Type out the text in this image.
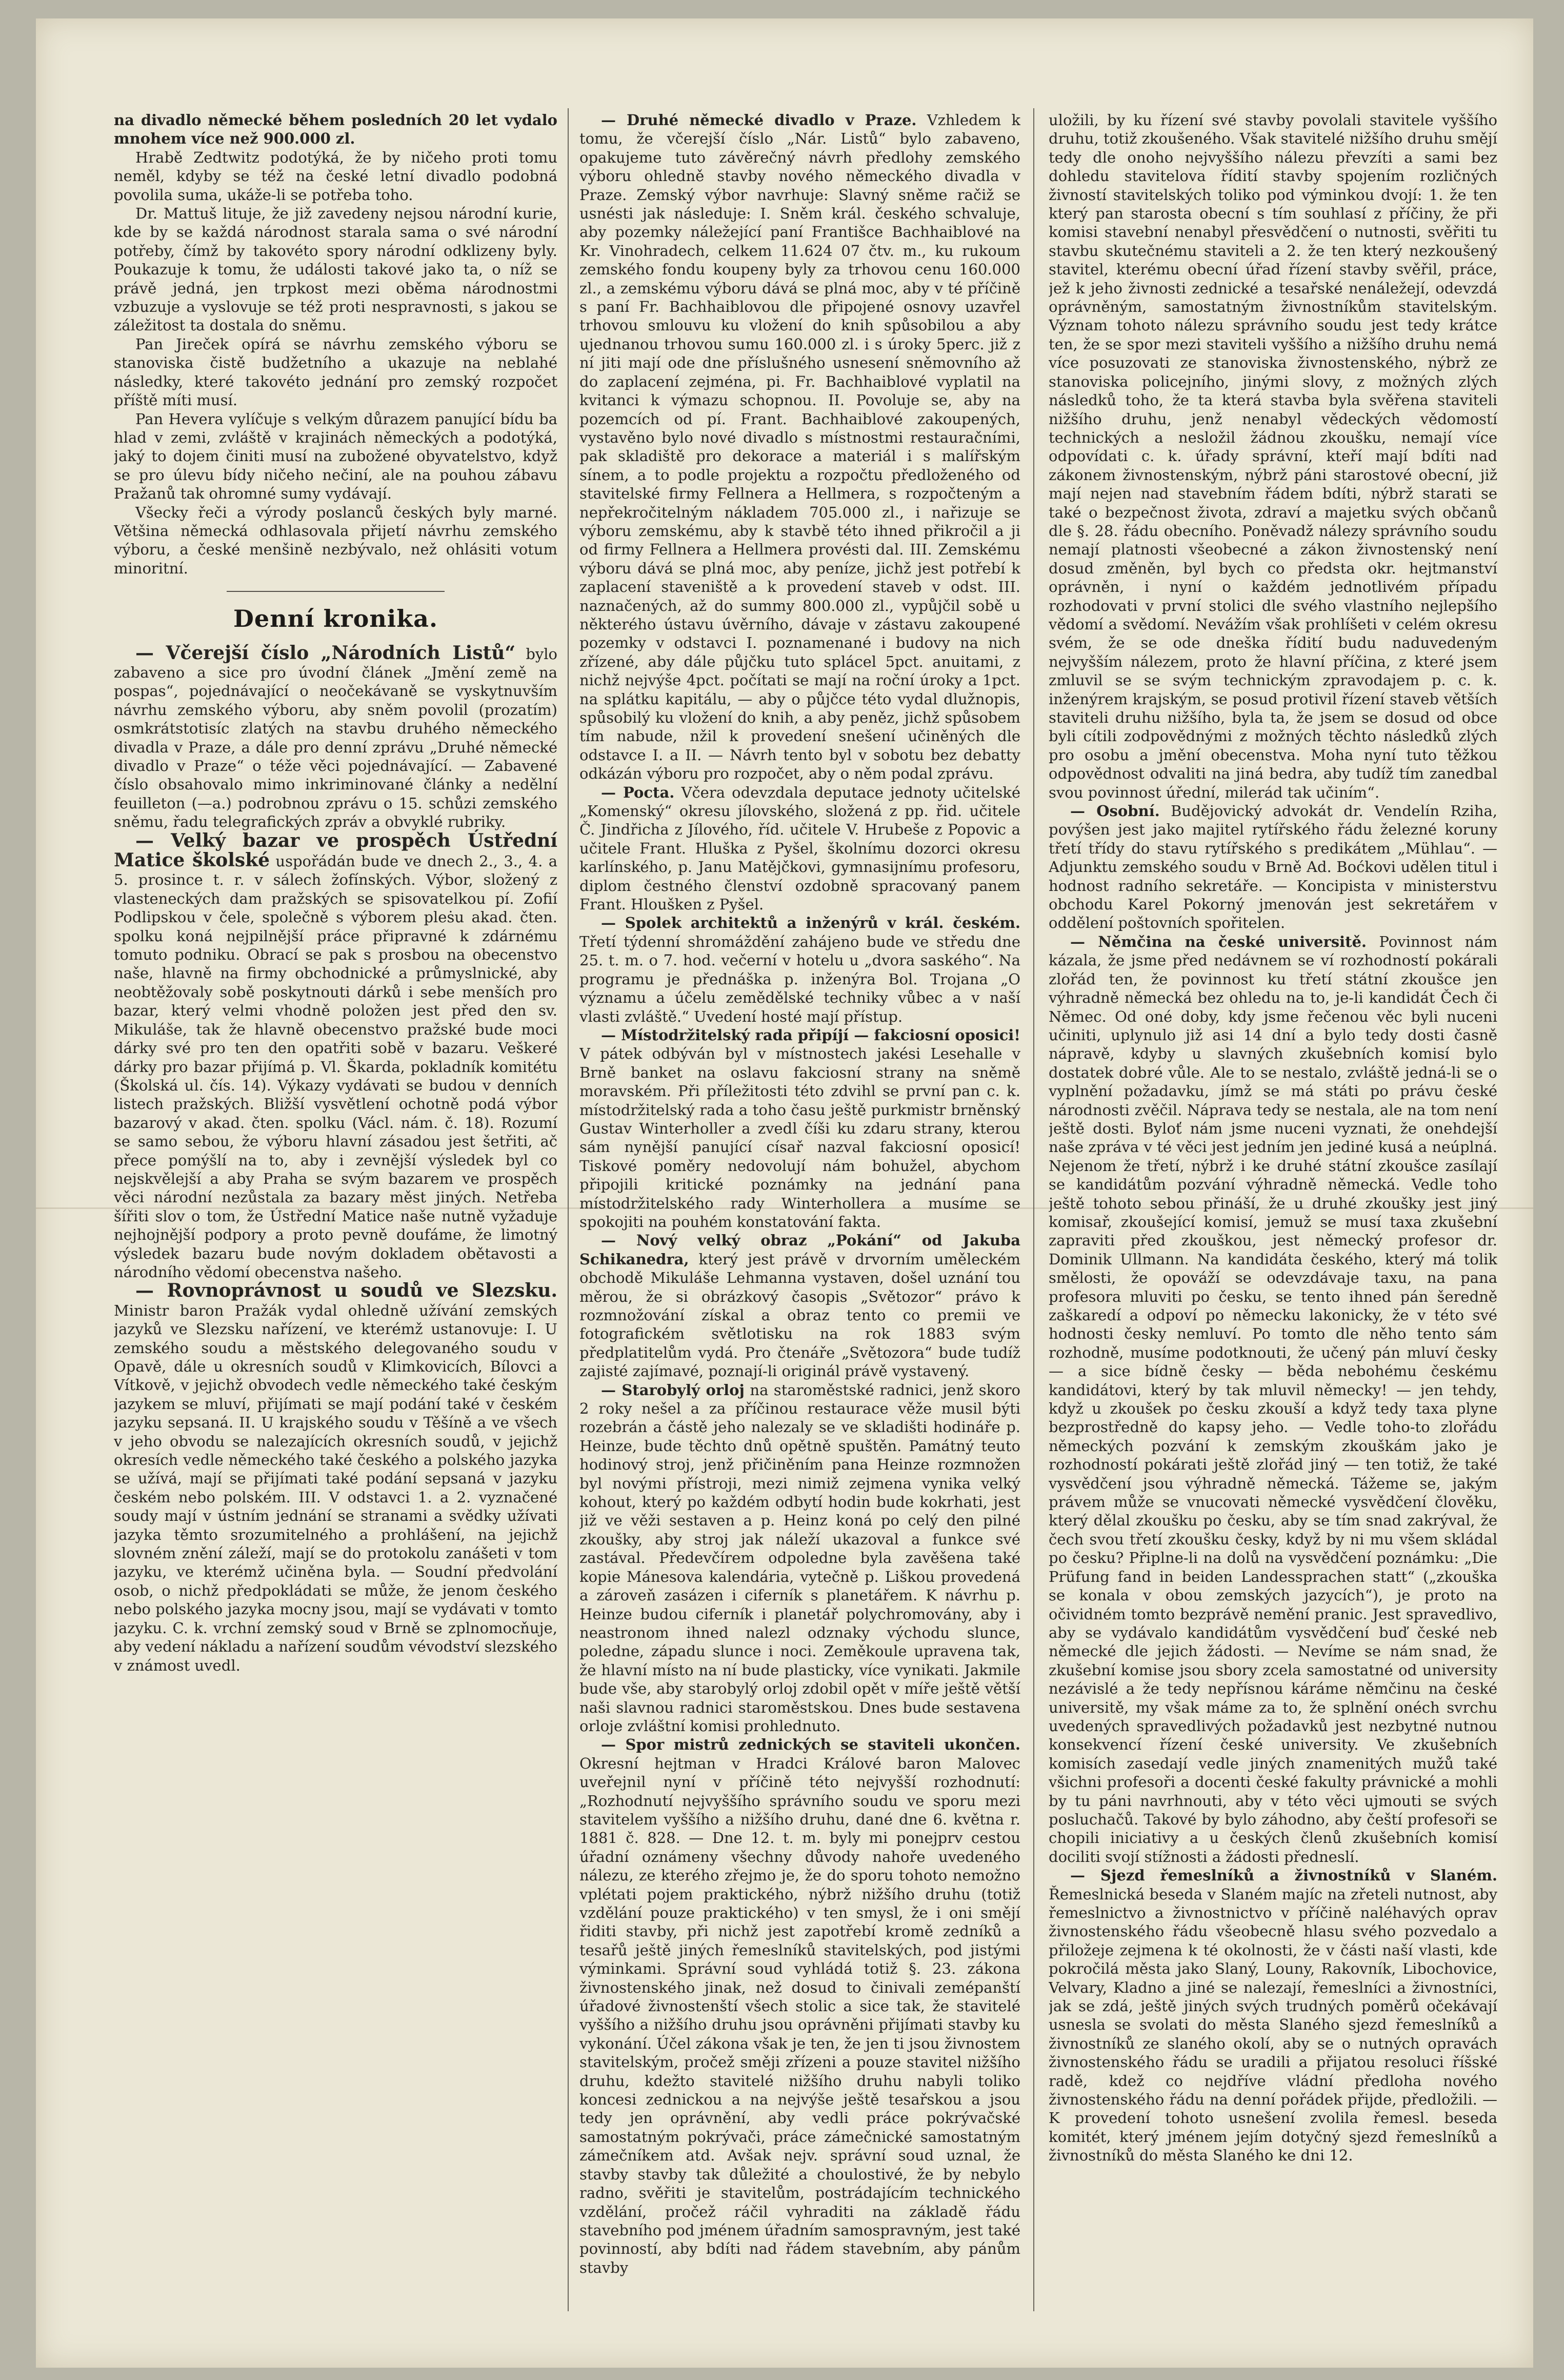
na divadlo německé během posledních 20 let vydalo mnohem více než 900.000 zl.

Hrabě Zedtwitz podotýká, že by ničeho proti tomu neměl, kdyby se též na české letní divadlo podobná povolila suma, ukáže-li se potřeba toho.

Dr. Mattuš lituje, že již zavedeny nejsou národní kurie, kde by se každá národnost starala sama o své národní potřeby, čímž by takovéto spory národní odklizeny byly. Poukazuje k tomu, že události takové jako ta, o níž se právě jedná, jen trpkost mezi oběma národnostmi vzbuzuje a vyslovuje se též proti nespravnosti, s jakou se záležitost ta dostala do sněmu.

Pan Jireček opírá se návrhu zemského výboru se stanoviska čistě budžetního a ukazuje na neblahé následky, které takovéto jednání pro zemský rozpočet příště míti musí.

Pan Hevera vylíčuje s velkým důrazem panující bídu ba hlad v zemi, zvláště v krajinách německých a podotýká, jaký to dojem činiti musí na zubožené obyvatelstvo, když se pro úlevu bídy ničeho nečiní, ale na pouhou zábavu Pražanů tak ohromné sumy vydávají.

Všecky řeči a výrody poslanců českých byly marné. Většina německá odhlasovala přijetí návrhu zemského výboru, a české menšině nezbývalo, než ohlásiti votum minoritní.

Denní kronika.

— Včerejší číslo „Národních Listů“ bylo zabaveno a sice pro úvodní článek „Jmění země na pospas“, pojednávající o neočekávaně se vyskytnuvším návrhu zemského výboru, aby sněm povolil (prozatím) osmkrátstotisíc zlatých na stavbu druhého německého divadla v Praze, a dále pro denní zprávu „Druhé německé divadlo v Praze“ o téže věci pojednávající. — Zabavené číslo obsahovalo mimo inkriminované články a nedělní feuilleton (—a.) podrobnou zprávu o 15. schůzi zemského sněmu, řadu telegrafických zpráv a obvyklé rubriky.

— Velký bazar ve prospěch Ústřední Matice školské uspořádán bude ve dnech 2., 3., 4. a 5. prosince t. r. v sálech žofínských. Výbor, složený z vlasteneckých dam pražských se spisovatelkou pí. Zofií Podlipskou v čele, společně s výborem pleṡu akad. čten. spolku koná nejpilnější práce připravné k zdárnému tomuto podniku. Obrací se pak s prosbou na obecenstvo naše, hlavně na firmy obchodnické a průmyslnické, aby neobtěžovaly sobě poskytnouti dárků i sebe menších pro bazar, který velmi vhodně položen jest před den sv. Mikuláše, tak že hlavně obecenstvo pražské bude moci dárky své pro ten den opatřiti sobě v bazaru. Veškeré dárky pro bazar přijímá p. Vl. Škarda, pokladník komitétu (Školská ul. čís. 14). Výkazy vydávati se budou v denních listech pražských. Bližší vysvětlení ochotně podá výbor bazarový v akad. čten. spolku (Václ. nám. č. 18). Rozumí se samo sebou, že výboru hlavní zásadou jest šetřiti, ač přece pomýšlí na to, aby i zevnější výsledek byl co nejskvělejší a aby Praha se svým bazarem ve prospěch věci národní nezůstala za bazary měst jiných. Netřeba šířiti slov o tom, že Ústřední Matice naše nutně vyžaduje nejhojnější podpory a proto pevně doufáme, že limotný výsledek bazaru bude novým dokladem obětavosti a národního vědomí obecenstva našeho.

— Rovnoprávnost u soudů ve Slezsku. Ministr baron Pražák vydal ohledně užívání zemských jazyků ve Slezsku nařízení, ve kterémž ustanovuje: I. U zemského soudu a městského delegovaného soudu v Opavě, dále u okresních soudů v Klimkovicích, Bílovci a Vítkově, v jejichž obvodech vedle německého také českým jazykem se mluví, přijímati se mají podání také v českém jazyku sepsaná. II. U krajského soudu v Těšíně a ve všech v jeho obvodu se nalezajících okresních soudů, v jejichž okresích vedle německého také českého a polského jazyka se užívá, mají se přijímati také podání sepsaná v jazyku českém nebo polském. III. V odstavci 1. a 2. vyznačené soudy mají v ústním jednání se stranami a svědky užívati jazyka těmto srozumitelného a prohlášení, na jejichž slovném znění záleží, mají se do protokolu zanášeti v tom jazyku, ve kterémž učiněna byla. — Soudní předvolání osob, o nichž předpokládati se může, že jenom českého nebo polského jazyka mocny jsou, mají se vydávati v tomto jazyku. C. k. vrchní zemský soud v Brně se zplnomocňuje, aby vedení nákladu a nařízení soudům vévodství slezského v známost uvedl.

— Druhé německé divadlo v Praze. Vzhledem k tomu, že včerejší číslo „Nár. Listů“ bylo zabaveno, opakujeme tuto závěrečný návrh předlohy zemského výboru ohledně stavby nového německého divadla v Praze. Zemský výbor navrhuje: Slavný sněme račiž se usnésti jak následuje: I. Sněm král. českého schvaluje, aby pozemky náležející paní Františce Bachhaiblové na Kr. Vinohradech, celkem 11.624 07 čtv. m., ku rukoum zemského fondu koupeny byly za trhovou cenu 160.000 zl., a zemskému výboru dává se plná moc, aby v té příčině s paní Fr. Bachhaiblovou dle připojené osnovy uzavřel trhovou smlouvu ku vložení do knih spůsobilou a aby ujednanou trhovou sumu 160.000 zl. i s úroky 5perc. již z ní jiti mají ode dne příslušného usnesení sněmovního až do zaplacení zejména, pi. Fr. Bachhaiblové vyplatil na kvitanci k výmazu schopnou. II. Povoluje se, aby na pozemcích od pí. Frant. Bachhaiblové zakoupených, vystavěno bylo nové divadlo s místnostmi restauračními, pak skladiště pro dekorace a materiál i s malířským sínem, a to podle projektu a rozpočtu předloženého od stavitelské firmy Fellnera a Hellmera, s rozpočteným a nepřekročitelným nákladem 705.000 zl., i nařizuje se výboru zemskému, aby k stavbě této ihned přikročil a ji od firmy Fellnera a Hellmera provésti dal. III. Zemskému výboru dává se plná moc, aby peníze, jichž jest potřebí k zaplacení staveniště a k provedení staveb v odst. III. naznačených, až do summy 800.000 zl., vypůjčil sobě u některého ústavu úvěrního, dávaje v zástavu zakoupené pozemky v odstavci I. poznamenané i budovy na nich zřízené, aby dále půjčku tuto splácel 5pct. anuitami, z nichž nejvýše 4pct. počítati se mají na roční úroky a 1pct. na splátku kapitálu, — aby o půjčce této vydal dlužnopis, spůsobilý ku vložení do knih, a aby peněz, jichž spůsobem tím nabude, nžil k provedení snešení učiněných dle odstavce I. a II. — Návrh tento byl v sobotu bez debatty odkázán výboru pro rozpočet, aby o něm podal zprávu.

— Pocta. Včera odevzdala deputace jednoty učitelské „Komenský“ okresu jílovského, složená z pp. řid. učitele Č. Jindřicha z Jílového, říd. učitele V. Hrubeše z Popovic a učitele Frant. Hluška z Pyšel, školnímu dozorci okresu karlínského, p. Janu Matějčkovi, gymnasijnímu profesoru, diplom čestného členství ozdobně spracovaný panem Frant. Hloušken z Pyšel.

— Spolek architektů a inženýrů v král. českém. Třetí týdenní shromáždění zahájeno bude ve středu dne 25. t. m. o 7. hod. večerní v hotelu u „dvora saského“. Na programu je přednáška p. inženýra Bol. Trojana „O významu a účelu zemědělské techniky vůbec a v naší vlasti zvláště.“ Uvedení hosté mají přístup.

— Místodržitelský rada připíjí — fakciosní oposici! V pátek odbýván byl v místnostech jakési Lesehalle v Brně banket na oslavu fakciosní strany na sněmě moravském. Při příležitosti této zdvihl se první pan c. k. místodržitelský rada a toho času ještě purkmistr brněnský Gustav Winterholler a zvedl číši ku zdaru strany, kterou sám nynější panující císař nazval fakciosní oposicí! Tiskové poměry nedovolují nám bohužel, abychom připojili kritické poznámky na jednání pana místodržitelského rady Winterhollera a musíme se spokojiti na pouhém konstatování fakta.

— Nový velký obraz „Pokání“ od Jakuba Schikanedra, který jest právě v drvorním uměleckém obchodě Mikuláše Lehmanna vystaven, došel uznání tou měrou, že si obrázkový časopis „Světozor“ právo k rozmnožování získal a obraz tento co premii ve fotografickém světlotisku na rok 1883 svým předplatitelům vydá. Pro čtenáře „Světozora“ bude tudíž zajisté zajímavé, poznají-li originál právě vystavený.

— Starobylý orloj na staroměstské radnici, jenž skoro 2 roky nešel a za příčinou restaurace věže musil býti rozebrán a částě jeho nalezaly se ve skladišti hodináře p. Heinze, bude těchto dnů opětně spuštěn. Památný teuto hodinový stroj, jenž přičiněním pana Heinze rozmnožen byl novými přístroji, mezi nimiž zejmena vynika velký kohout, který po každém odbytí hodin bude kokrhati, jest již ve věži sestaven a p. Heinz koná po celý den pilné zkoušky, aby stroj jak náleží ukazoval a funkce své zastával. Předevčírem odpoledne byla zavěšena také kopie Mánesova kalendária, vytečně p. Liškou provedená a zároveň zasázen i ciferník s planetářem. K návrhu p. Heinze budou ciferník i planetář polychromovány, aby i neastronom ihned nalezl odznaky východu slunce, poledne, západu slunce i noci. Zeměkoule upravena tak, že hlavní místo na ní bude plasticky, více vynikati. Jakmile bude vše, aby starobylý orloj zdobil opět v míře ještě větší naši slavnou radnici staroměstskou. Dnes bude sestavena orloje zvláštní komisi prohlednuto.

— Spor mistrů zednických se staviteli ukončen. Okresní hejtman v Hradci Králové baron Malovec uveřejnil nyní v příčině této nejvyšší rozhodnutí: „Rozhodnutí nejvyššího správního soudu ve sporu mezi stavitelem vyššího a nižšího druhu, dané dne 6. května r. 1881 č. 828. — Dne 12. t. m. byly mi ponejprv cestou úřadní oznámeny všechny důvody nahoře uvedeného nálezu, ze kterého zřejmo je, že do sporu tohoto nemožno vplétati pojem praktického, nýbrž nižšího druhu (totiž vzdělání pouze praktického) v ten smysl, že i oni smějí řiditi stavby, při nichž jest zapotřebí kromě zedníků a tesařů ještě jiných řemeslníků stavitelských, pod jistými výminkami. Správní soud vyhládá totiž §. 23. zákona živnostenského jinak, než dosud to činivali zemépanští úřadové živnostenští všech stolic a sice tak, že stavitelé vyššího a nižšího druhu jsou oprávněni přijímati stavby ku vykonání. Účel zákona však je ten, že jen ti jsou živnostem stavitelským, pročež směji zřízeni a pouze stavitel nižšího druhu, kdežto stavitelé nižšího druhu nabyli toliko koncesi zednickou a na nejvýše ještě tesařskou a jsou tedy jen oprávnění, aby vedli práce pokrývačské samostatným pokrývači, práce zámečnické samostatným zámečníkem atd. Avšak nejv. správní soud uznal, že stavby stavby tak důležité a choulostivé, že by nebylo radno, svěřiti je stavitelům, postrádajícím technického vzdělání, pročež ráčil vyhraditi na základě řádu stavebního pod jménem úřadním samospravným, jest také povinností, aby bdíti nad řádem stavebním, aby pánům stavby

uložili, by ku řízení své stavby povolali stavitele vyššího druhu, totiž zkoušeného. Však stavitelé nižšího druhu smějí tedy dle onoho nejvyššího nálezu převzíti a sami bez dohledu stavitelova řídití stavby spojením rozličných živností stavitelských toliko pod výminkou dvojí: 1. že ten který pan starosta obecní s tím souhlasí z příčiny, že při komisi stavební nenabyl přesvědčení o nutnosti, svěřiti tu stavbu skutečnému staviteli a 2. že ten který nezkoušený stavitel, kterému obecní úřad řízení stavby svěřil, práce, jež k jeho živnosti zednické a tesařské nenáležejí, odevzdá oprávněným, samostatným živnostníkům stavitelským. Význam tohoto nálezu správního soudu jest tedy krátce ten, že se spor mezi staviteli vyššího a nižšího druhu nemá více posuzovati ze stanoviska živnostenského, nýbrž ze stanoviska policejního, jinými slovy, z možných zlých následků toho, že ta která stavba byla svěřena staviteli nižšího druhu, jenž nenabyl vědeckých vědomostí technických a nesložil žádnou zkoušku, nemají více odpovídati c. k. úřady správní, kteří mají bdíti nad zákonem živnostenským, nýbrž páni starostové obecní, již mají nejen nad stavebním řádem bdíti, nýbrž starati se také o bezpečnost života, zdraví a majetku svých občanů dle §. 28. řádu obecního. Poněvadž nálezy správního soudu nemají platnosti všeobecné a zákon živnostenský není dosud změněn, byl bych co předsta okr. hejtmanství oprávněn, i nyní o každém jednotlivém případu rozhodovati v první stolici dle svého vlastního nejlepšího vědomí a svědomí. Nevážím však prohlíšeti v celém okresu svém, že se ode dneška řídití budu naduvedeným nejvyšším nálezem, proto že hlavní příčina, z které jsem zmluvil se se svým technickým zpravodajem p. c. k. inženýrem krajským, se posud protivil řízení staveb větších staviteli druhu nižšího, byla ta, že jsem se dosud od obce byli cítili zodpovědnými z možných těchto následků zlých pro osobu a jmění obecenstva. Moha nyní tuto těžkou odpovědnost odvaliti na jiná bedra, aby tudíž tím zanedbal svou povinnost úřední, milerád tak učiním“.

— Osobní. Budějovický advokát dr. Vendelín Rziha, povýšen jest jako majitel rytířského řádu železné koruny třetí třídy do stavu rytířského s predikátem „Mühlau“. — Adjunktu zemského soudu v Brně Ad. Boćkovi udělen titul i hodnost radního sekretáře. — Koncipista v ministerstvu obchodu Karel Pokorný jmenován jest sekretářem v oddělení poštovních spořitelen.

— Němčina na české universitě. Povinnost nám kázala, že jsme před nedávnem se ví rozhodností pokárali zlořád ten, že povinnost ku třetí státní zkoušce jen výhradně německá bez ohledu na to, je-li kandidát Čech či Němec. Od oné doby, kdy jsme řečenou věc byli nuceni učiniti, uplynulo již asi 14 dní a bylo tedy dosti časně nápravě, kdyby u slavných zkušebních komisí bylo dostatek dobré vůle. Ale to se nestalo, zvláště jedná-li se o vyplnění požadavku, jímž se má státi po právu české národnosti zvěčil. Náprava tedy se nestala, ale na tom není ještě dosti. Byloť nám jsme nuceni vyznati, že onehdejší naše zpráva v té věci jest jedním jen jediné kusá a neúplná. Nejenom že třetí, nýbrž i ke druhé státní zkoušce zasílají se kandidátům pozvání výhradně německá. Vedle toho ještě tohoto sebou přináší, že u druhé zkoušky jest jiný komisař, zkoušející komisí, jemuž se musí taxa zkušební zapraviti před zkouškou, jest německý profesor dr. Dominik Ullmann. Na kandidáta českého, který má tolik smělosti, že opováží se odevzdávaje taxu, na pana profesora mluviti po česku, se tento ihned pán šeredně zaškaredí a odpoví po německu lakonicky, že v této své hodnosti česky nemluví. Po tomto dle něho tento sám rozhodně, musíme podotknouti, že učený pán mluví česky — a sice bídně česky — běda nebohému českému kandidátovi, který by tak mluvil německy! — jen tehdy, když u zkoušek po česku zkouší a když tedy taxa plyne bezprostředně do kapsy jeho. — Vedle toho-to zlořádu německých pozvání k zemským zkouškám jako je rozhodností pokárati ještě zlořád jiný — ten totiž, že také vysvědčení jsou výhradně německá. Tážeme se, jakým právem může se vnucovati německé vysvědčení člověku, který dělal zkoušku po česku, aby se tím snad zakrýval, že čech svou třetí zkoušku česky, když by ni mu všem skládal po česku? Připlne-li na dolů na vysvědčení poznámku: „Die Prüfung fand in beiden Landessprachen statt“ („zkouška se konala v obou zemských jazycích“), je proto na očividném tomto bezprávě nemění pranic. Jest spravedlivo, aby se vydávalo kandidátům vysvědčení buď české neb německé dle jejich žádosti. — Nevíme se nám snad, že zkušební komise jsou sbory zcela samostatné od university nezávislé a že tedy nepřísnou káráme němčinu na české universitě, my však máme za to, že splnění onéch svrchu uvedených spravedlivých požadavků jest nezbytné nutnou konsekvencí řízení české university. Ve zkušebních komisích zasedají vedle jiných znamenitých mužů také všichni profesoři a docenti české fakulty právnické a mohli by tu páni navrhnouti, aby v této věci ujmouti se svých posluchačů. Takové by bylo záhodno, aby čeští profesoři se chopili iniciativy a u českých členů zkušebních komisí dociliti svojí stížnosti a žádosti předneslí.

— Sjezd řemeslníků a živnostníků v Slaném. Řemeslnická beseda v Slaném majíc na zřeteli nutnost, aby řemeslnictvo a živnostnictvo v příčině naléhavých oprav živnostenského řádu všeobecně hlasu svého pozvedalo a přiložeje zejmena k té okolnosti, že v části naší vlasti, kde pokročilá města jako Slaný, Louny, Rakovník, Libochovice, Velvary, Kladno a jiné se nalezají, řemeslníci a živnostníci, jak se zdá, ještě jiných svých trudných poměrů očekávají usnesla se svolati do města Slaného sjezd řemeslníků a živnostníků ze slaného okolí, aby se o nutných opravách živnostenského řádu se uradili a přijatou resoluci říšské radě, kdež co nejdříve vládní předloha nového živnostenského řádu na denní pořádek přijde, předložili. — K provedení tohoto usnešení zvolila řemesl. beseda komitét, který jménem jejím dotyčný sjezd řemeslníků a živnostníků do města Slaného ke dni 12.
